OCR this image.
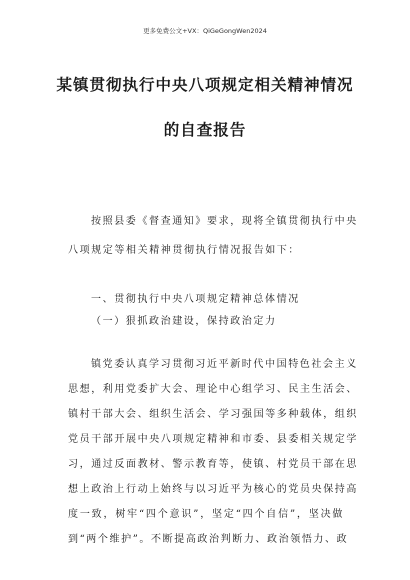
更多免费公文+VX：QiGeGongWen2024
某镇贯彻执行中央八项规定相关精神情况
的自查报告
按照县委《督查通知》要求，现将全镇贯彻执行中央
八项规定等相关精神贯彻执行情况报告如下：
一、贯彻执行中央八项规定精神总体情况
（一）狠抓政治建设，保持政治定力
镇党委认真学习贯彻习近平新时代中国特色社会主义
思想，利用党委扩大会、理论中心组学习、民主生活会、
镇村干部大会、组织生活会、学习强国等多种载体，组织
党员干部开展中央八项规定精神和市委、县委相关规定学
习，通过反面教材、警示教育等，使镇、村党员干部在思
想上政治上行动上始终与以习近平为核心的党员央保持高
度一致，树牢“四个意识”，坚定“四个自信”，坚决做
到“两个维护”。不断提高政治判断力、政治领悟力、政
